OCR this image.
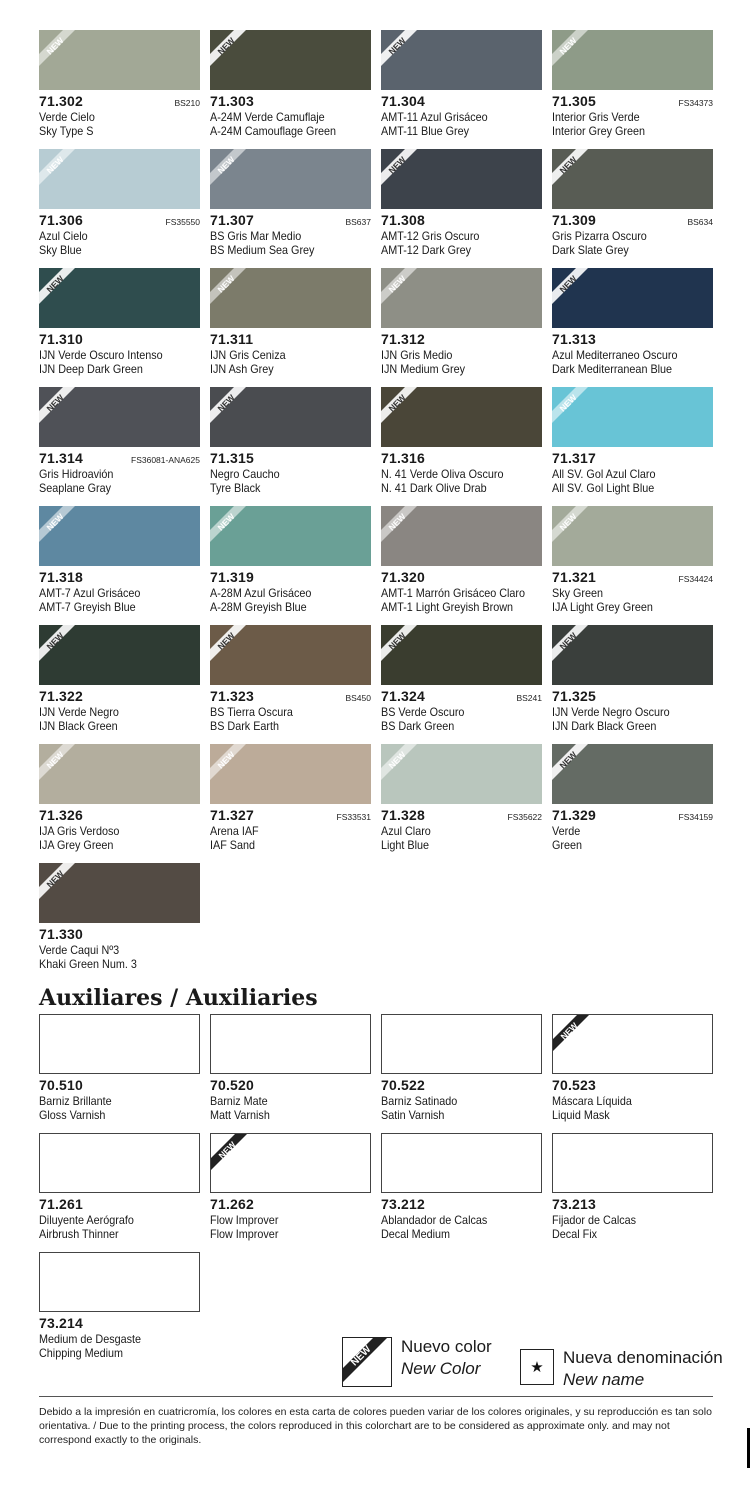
NEW
71.302	BS210
Verde Cielo
Sky Type S
NEW
71.303
A-24M Verde Camuflaje
A-24M Camouflage Green
NEW
71.304
AMT-11 Azul Grisáceo
AMT-11 Blue Grey
NEW
71.305	FS34373
Interior Gris Verde
Interior Grey Green
NEW
71.306	FS35550
Azul Cielo
Sky Blue
NEW
71.307	BS637
BS Gris Mar Medio
BS Medium Sea Grey
NEW
71.308
AMT-12 Gris Oscuro
AMT-12 Dark Grey
NEW
71.309	BS634
Gris Pizarra Oscuro
Dark Slate Grey
NEW
71.310
IJN Verde Oscuro Intenso
IJN Deep Dark Green
NEW
71.311
IJN Gris Ceniza
IJN Ash Grey
NEW
71.312
IJN Gris Medio
IJN Medium Grey
NEW
71.313
Azul Mediterraneo Oscuro
Dark Mediterranean Blue
NEW
71.314	FS36081-ANA625
Gris Hidroavión
Seaplane Gray
NEW
71.315
Negro Caucho
Tyre Black
NEW
71.316
N. 41 Verde Oliva Oscuro
N. 41 Dark Olive Drab
NEW
71.317
All SV. Gol Azul Claro
All SV. Gol Light Blue
NEW
71.318
AMT-7 Azul Grisáceo
AMT-7 Greyish Blue
NEW
71.319
A-28M Azul Grisáceo
A-28M Greyish Blue
NEW
71.320
AMT-1 Marrón Grisáceo Claro
AMT-1 Light Greyish Brown
NEW
71.321	FS34424
Sky Green
IJA Light Grey Green
NEW
71.322
IJN Verde Negro
IJN Black Green
NEW
71.323	BS450
BS Tierra Oscura
BS Dark Earth
NEW
71.324	BS241
BS Verde Oscuro
BS Dark Green
NEW
71.325
IJN Verde Negro Oscuro
IJN Dark Black Green
NEW
71.326
IJA Gris Verdoso
IJA Grey Green
NEW
71.327	FS33531
Arena IAF
IAF Sand
NEW
71.328	FS35622
Azul Claro
Light Blue
NEW
71.329	FS34159
Verde
Green
NEW
71.330
Verde Caqui Nº3
Khaki Green Num. 3
Auxiliares / Auxiliaries
70.510
Barniz Brillante
Gloss Varnish
70.520
Barniz Mate
Matt Varnish
70.522
Barniz Satinado
Satin Varnish
NEW
70.523
Máscara Líquida
Liquid Mask
71.261
Diluyente Aerógrafo
Airbrush Thinner
NEW
71.262
Flow Improver
Flow Improver
73.212
Ablandador de Calcas
Decal Medium
73.213
Fijador de Calcas
Decal Fix
73.214
Medium de Desgaste
Chipping Medium	NEW Nuevo color
New Color	★
Nueva denominación
New name
Debido a la impresión en cuatricromía, los colores en esta carta de colores pueden variar de los colores originales, y su reproducción es tan solo orientativa. / Due to the printing process, the colors reproduced in this colorchart are to be considered as approximate only. and may not correspond exactly to the originals.
